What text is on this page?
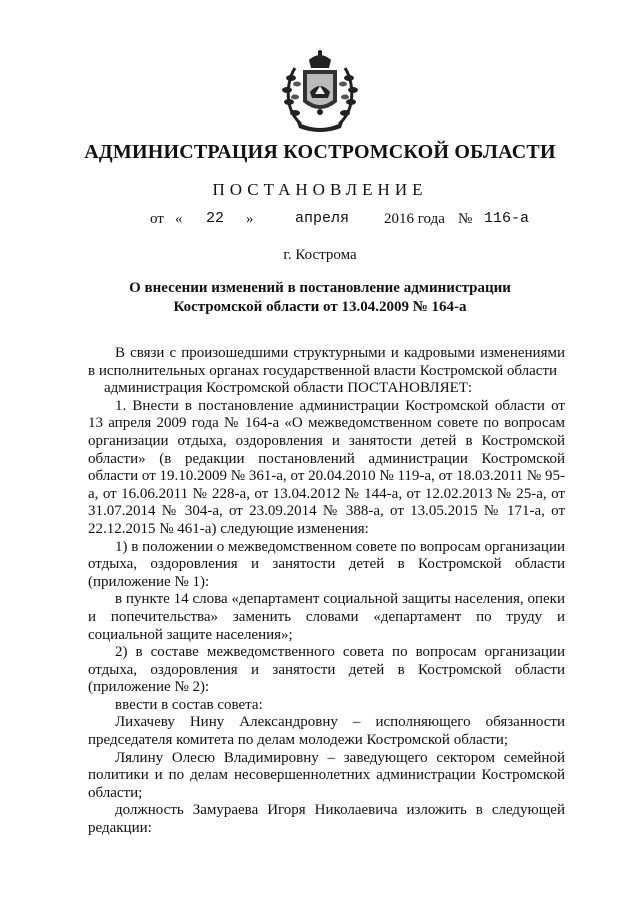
АДМИНИСТРАЦИЯ КОСТРОМСКОЙ ОБЛАСТИ
ПОСТАНОВЛЕНИЕ
от « 22 »	апреля 2016 года № 116-а
г. Кострома
О внесении изменений в постановление администрации
Костромской области от 13.04.2009 № 164-а

В связи с произошедшими структурными и кадровыми изменениями в исполнительных органах государственной власти Костромской области

администрация Костромской области ПОСТАНОВЛЯЕТ:

1. Внести в постановление администрации Костромской области от 13 апреля 2009 года № 164-а «О межведомственном совете по вопросам организации отдыха, оздоровления и занятости детей в Костромской области» (в редакции постановлений администрации Костромской области от 19.10.2009 № 361-а, от 20.04.2010 № 119-а, от 18.03.2011 № 95-а, от 16.06.2011 № 228-а, от 13.04.2012 № 144-а, от 12.02.2013 № 25-а, от 31.07.2014 № 304-а, от 23.09.2014 № 388-а, от 13.05.2015 № 171-а, от 22.12.2015 № 461-а) следующие изменения:

1) в положении о межведомственном совете по вопросам организации отдыха, оздоровления и занятости детей в Костромской области (приложение № 1):

в пункте 14 слова «департамент социальной защиты населения, опеки и попечительства» заменить словами «департамент по труду и социальной защите населения»;

2) в составе межведомственного совета по вопросам организации отдыха, оздоровления и занятости детей в Костромской области (приложение № 2):

ввести в состав совета:

Лихачеву Нину Александровну – исполняющего обязанности председателя комитета по делам молодежи Костромской области;

Лялину Олесю Владимировну – заведующего сектором семейной политики и по делам несовершеннолетних администрации Костромской области;

должность Замураева Игоря Николаевича изложить в следующей редакции:
